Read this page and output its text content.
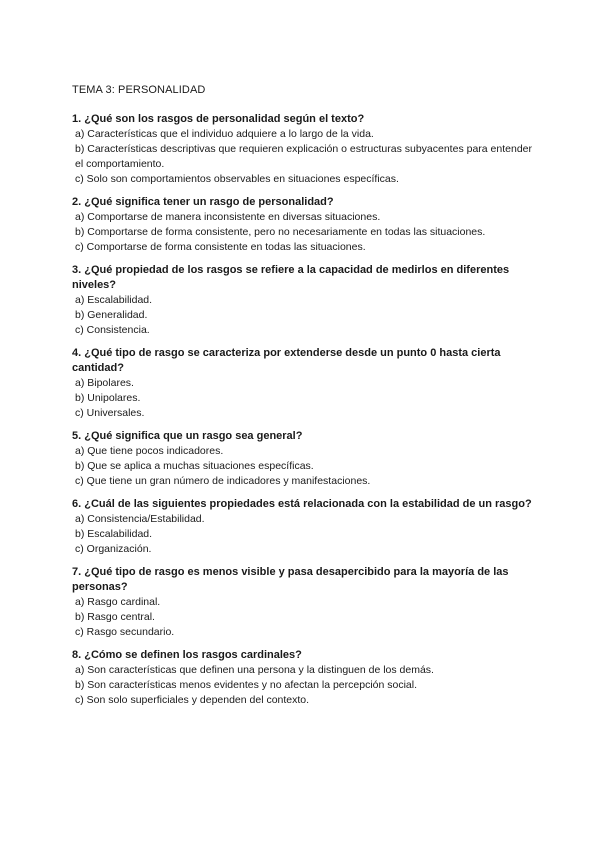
TEMA 3: PERSONALIDAD
1. ¿Qué son los rasgos de personalidad según el texto?
a) Características que el individuo adquiere a lo largo de la vida.
b) Características descriptivas que requieren explicación o estructuras subyacentes para entender el comportamiento.
c) Solo son comportamientos observables en situaciones específicas.
2. ¿Qué significa tener un rasgo de personalidad?
a) Comportarse de manera inconsistente en diversas situaciones.
b) Comportarse de forma consistente, pero no necesariamente en todas las situaciones.
c) Comportarse de forma consistente en todas las situaciones.
3. ¿Qué propiedad de los rasgos se refiere a la capacidad de medirlos en diferentes niveles?
a) Escalabilidad.
b) Generalidad.
c) Consistencia.
4. ¿Qué tipo de rasgo se caracteriza por extenderse desde un punto 0 hasta cierta cantidad?
a) Bipolares.
b) Unipolares.
c) Universales.
5. ¿Qué significa que un rasgo sea general?
a) Que tiene pocos indicadores.
b) Que se aplica a muchas situaciones específicas.
c) Que tiene un gran número de indicadores y manifestaciones.
6. ¿Cuál de las siguientes propiedades está relacionada con la estabilidad de un rasgo?
a) Consistencia/Estabilidad.
b) Escalabilidad.
c) Organización.
7. ¿Qué tipo de rasgo es menos visible y pasa desapercibido para la mayoría de las personas?
a) Rasgo cardinal.
b) Rasgo central.
c) Rasgo secundario.
8. ¿Cómo se definen los rasgos cardinales?
a) Son características que definen una persona y la distinguen de los demás.
b) Son características menos evidentes y no afectan la percepción social.
c) Son solo superficiales y dependen del contexto.
